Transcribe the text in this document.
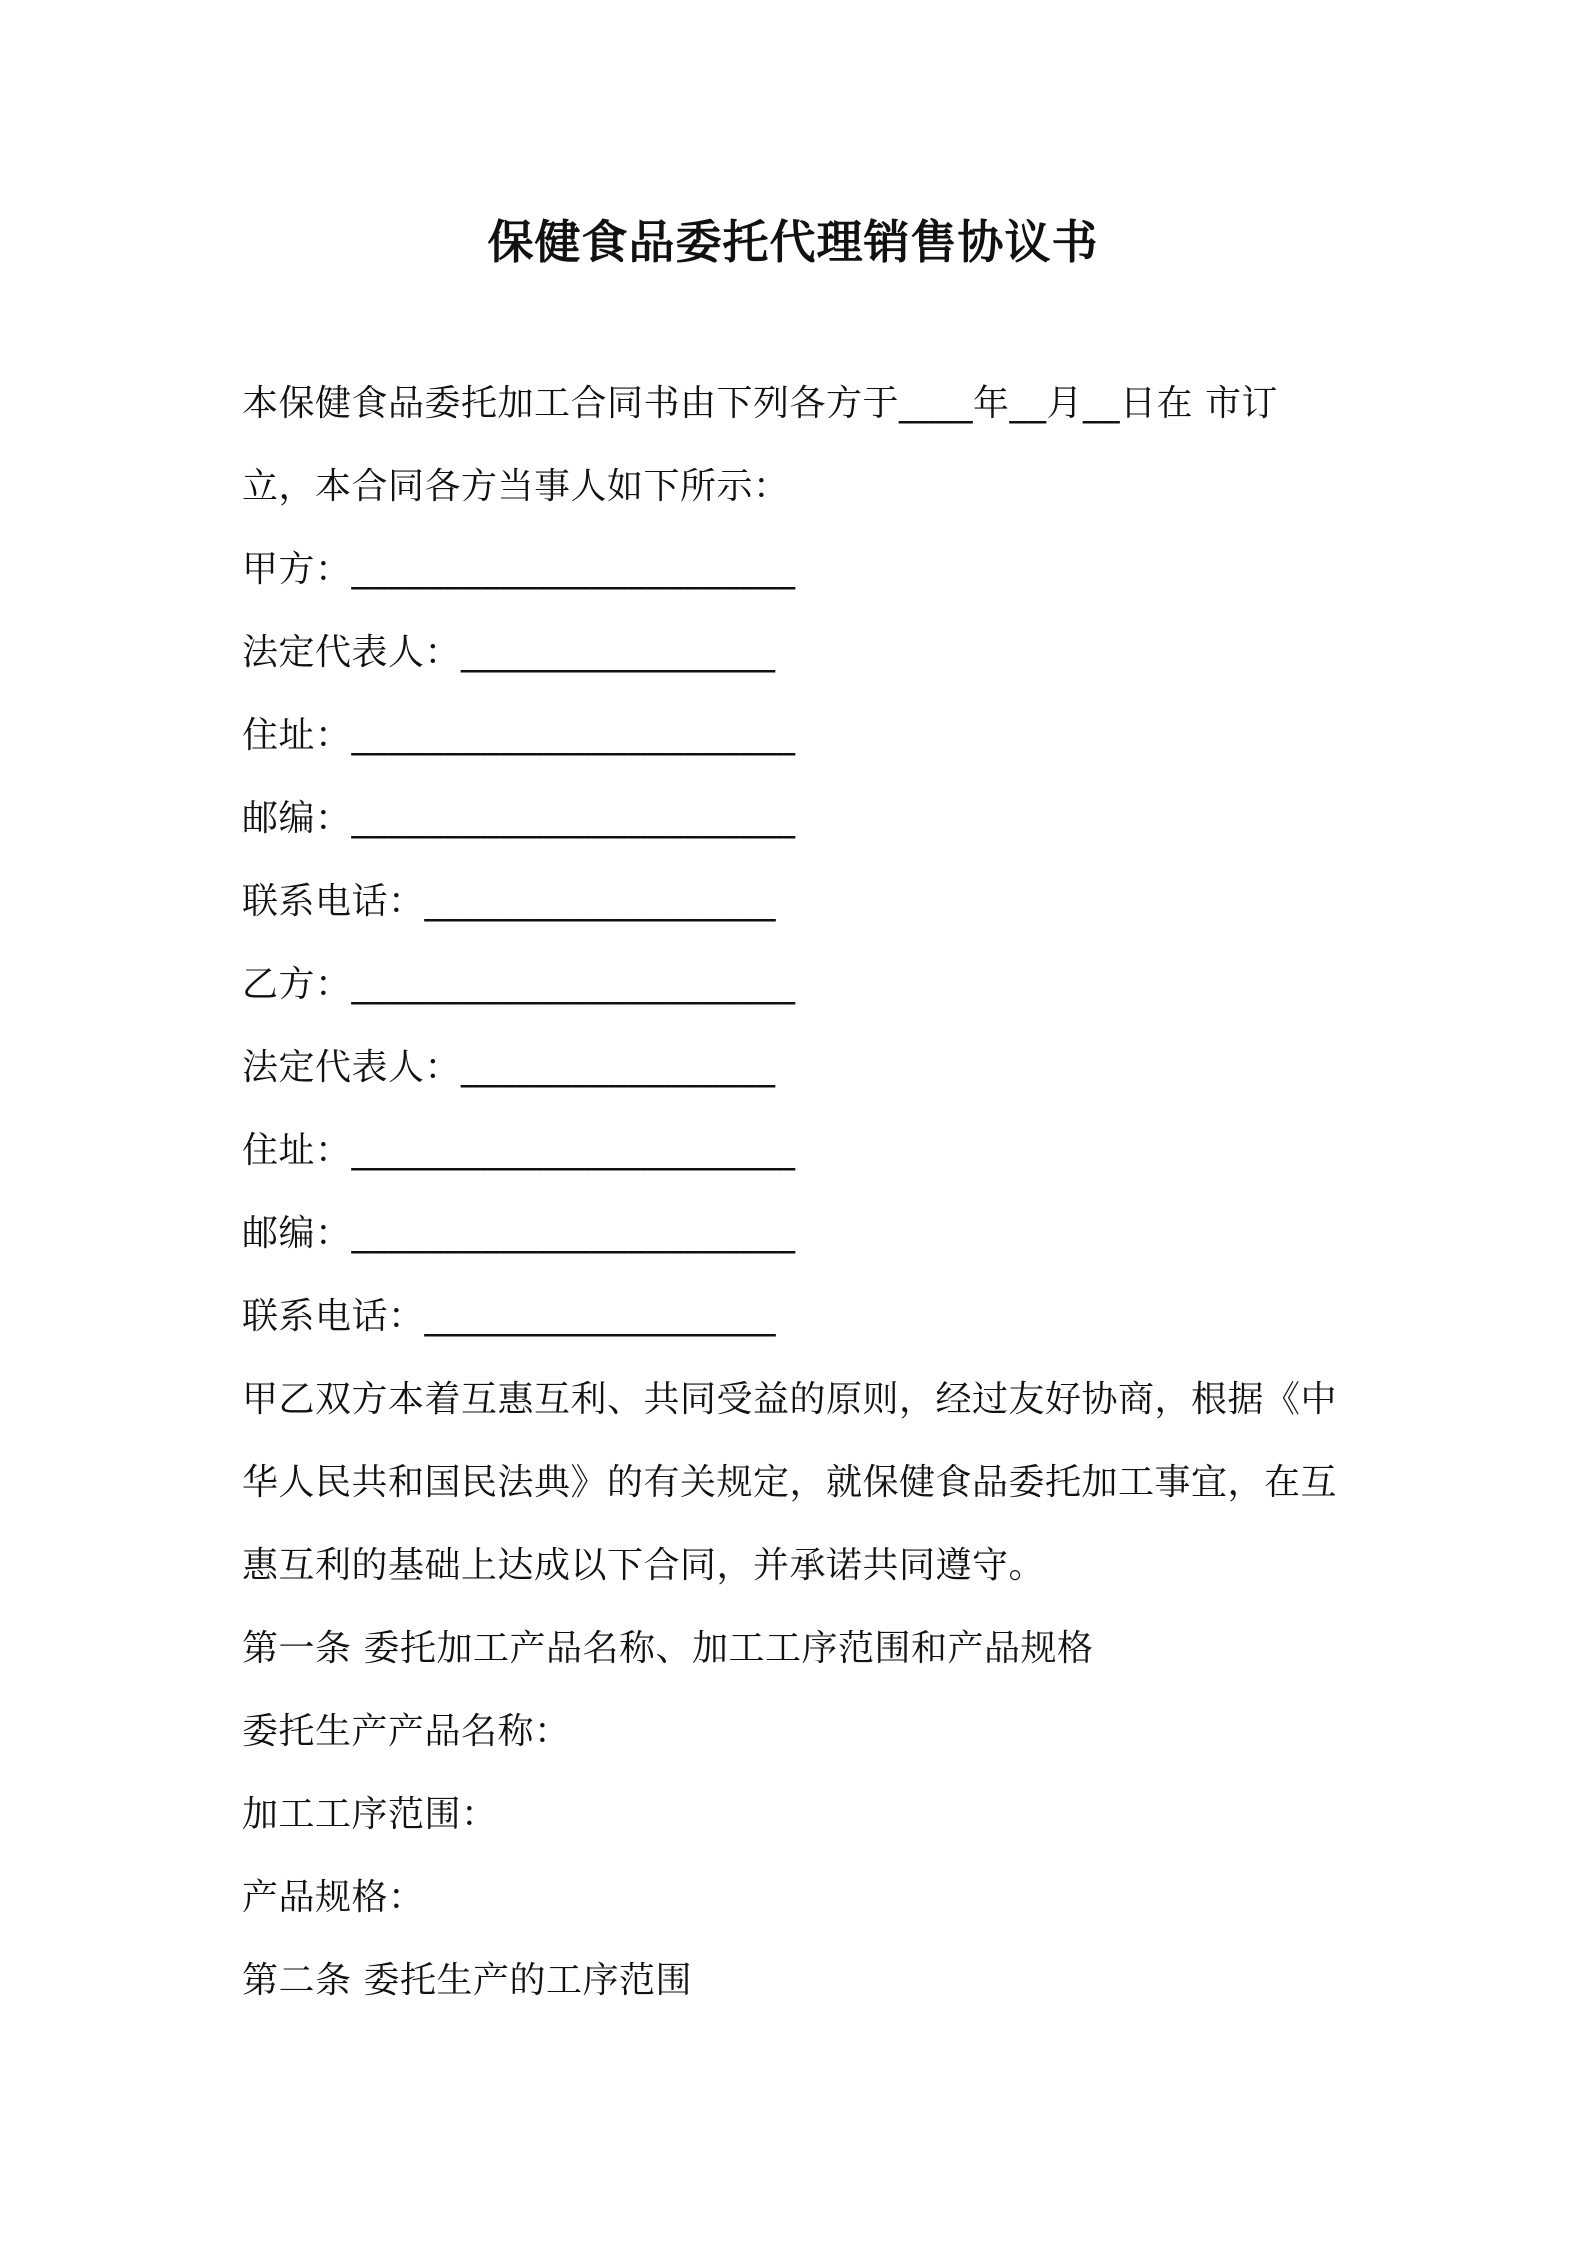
保健食品委托代理销售协议书
本保健食品委托加工合同书由下列各方于____年__月__日在 市订
立，本合同各方当事人如下所示：
甲方：________________________
法定代表人：_________________
住址：________________________
邮编：________________________
联系电话：___________________
乙方：________________________
法定代表人：_________________
住址：________________________
邮编：________________________
联系电话：___________________
甲乙双方本着互惠互利、共同受益的原则，经过友好协商，根据《中
华人民共和国民法典》的有关规定，就保健食品委托加工事宜，在互
惠互利的基础上达成以下合同，并承诺共同遵守。
第一条 委托加工产品名称、加工工序范围和产品规格
委托生产产品名称：
加工工序范围：
产品规格：
第二条 委托生产的工序范围
